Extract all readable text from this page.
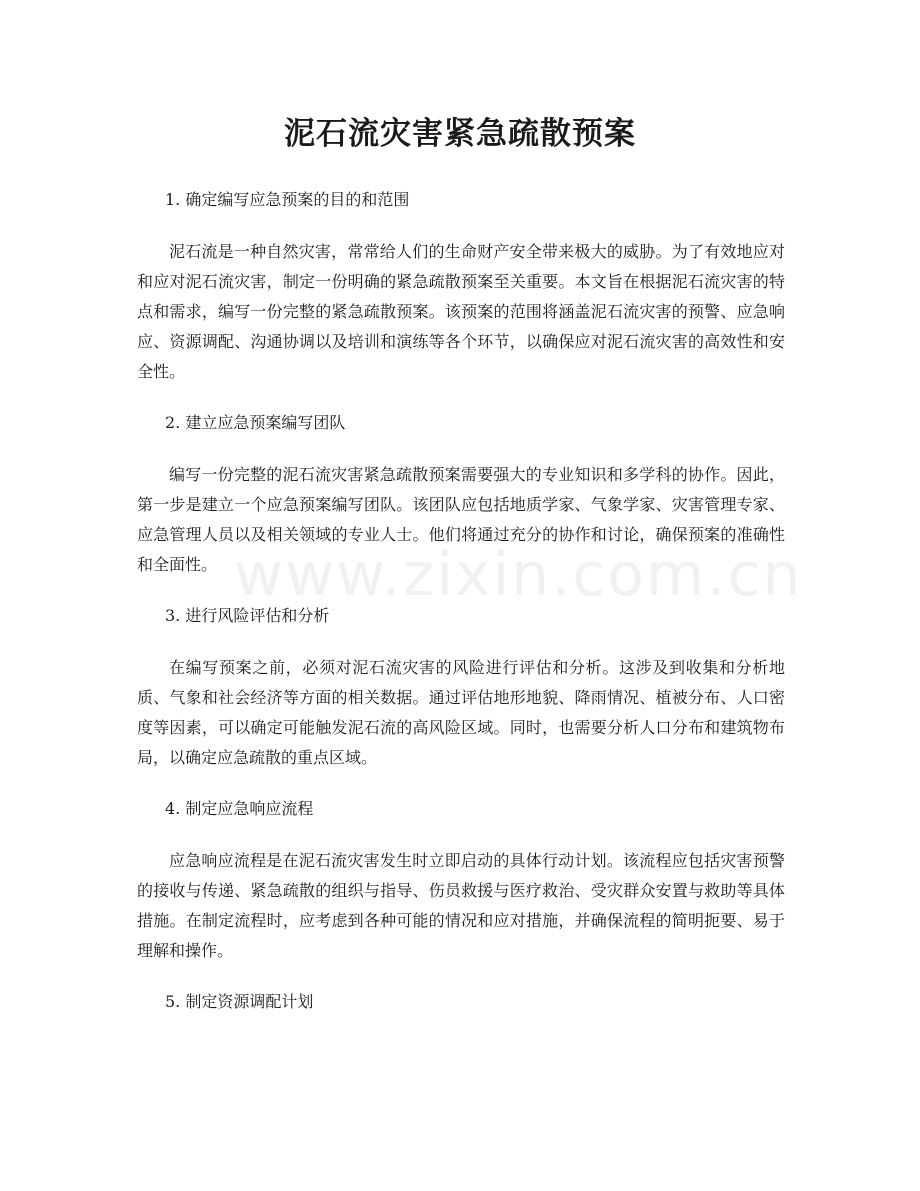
泥石流灾害紧急疏散预案

1. 确定编写应急预案的目的和范围

泥石流是一种自然灾害，常常给人们的生命财产安全带来极大的威胁。为了有效地应对和应对泥石流灾害，制定一份明确的紧急疏散预案至关重要。本文旨在根据泥石流灾害的特点和需求，编写一份完整的紧急疏散预案。该预案的范围将涵盖泥石流灾害的预警、应急响应、资源调配、沟通协调以及培训和演练等各个环节，以确保应对泥石流灾害的高效性和安全性。

2. 建立应急预案编写团队

编写一份完整的泥石流灾害紧急疏散预案需要强大的专业知识和多学科的协作。因此，第一步是建立一个应急预案编写团队。该团队应包括地质学家、气象学家、灾害管理专家、应急管理人员以及相关领域的专业人士。他们将通过充分的协作和讨论，确保预案的准确性和全面性。

3. 进行风险评估和分析

在编写预案之前，必须对泥石流灾害的风险进行评估和分析。这涉及到收集和分析地质、气象和社会经济等方面的相关数据。通过评估地形地貌、降雨情况、植被分布、人口密度等因素，可以确定可能触发泥石流的高风险区域。同时，也需要分析人口分布和建筑物布局，以确定应急疏散的重点区域。

4. 制定应急响应流程

应急响应流程是在泥石流灾害发生时立即启动的具体行动计划。该流程应包括灾害预警的接收与传递、紧急疏散的组织与指导、伤员救援与医疗救治、受灾群众安置与救助等具体措施。在制定流程时，应考虑到各种可能的情况和应对措施，并确保流程的简明扼要、易于理解和操作。

5. 制定资源调配计划

www.zixin.com.cn
